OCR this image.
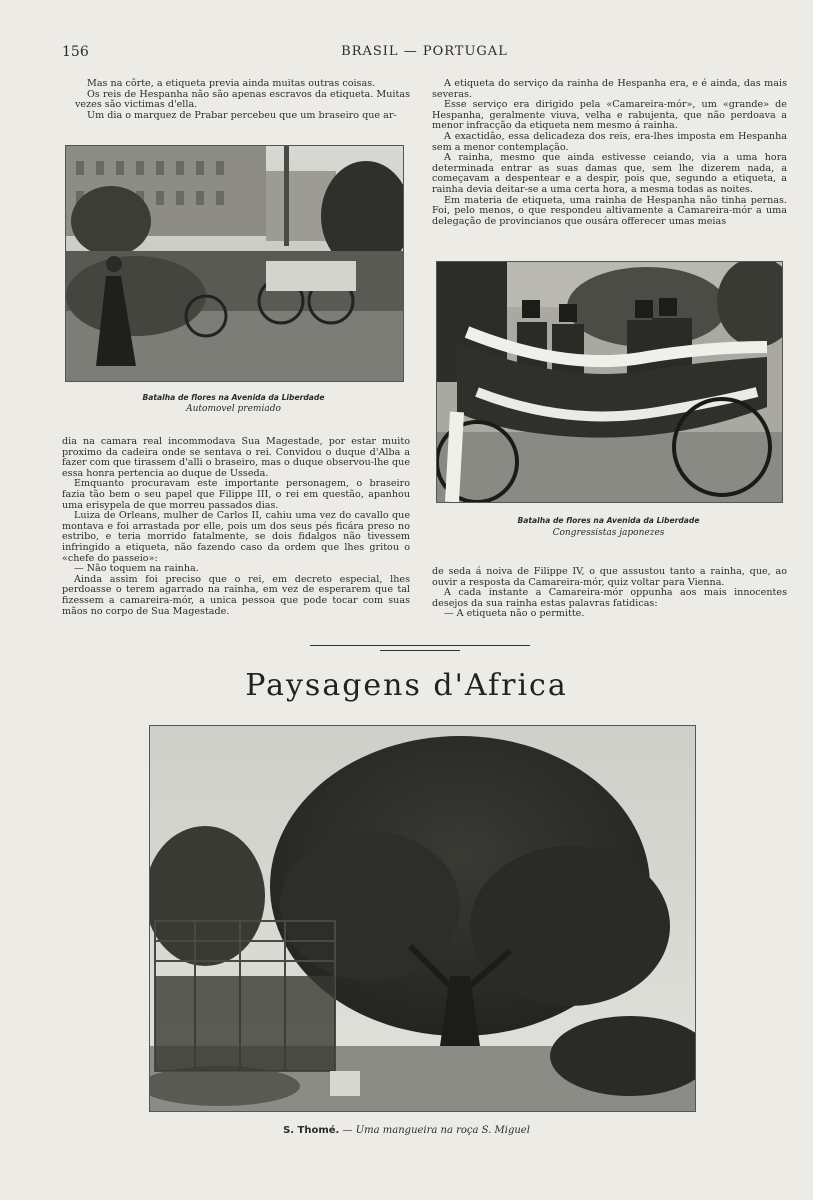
156	BRASIL — PORTUGAL

Mas na côrte, a etiqueta previa ainda muitas outras coisas.

Os reis de Hespanha não são apenas escravos da etiqueta. Muitas vezes são victimas d'ella.

Um dia o marquez de Prabar percebeu que um braseiro que ar-

Batalha de flores na Avenida da Liberdade
Automovel premiado

dia na camara real incommodava Sua Magestade, por estar muito proximo da cadeira onde se sentava o rei. Convidou o duque d'Alba a fazer com que tirassem d'alli o braseiro, mas o duque observou-lhe que essa honra pertencia ao duque de Usseda.

Emquanto procuravam este importante personagem, o braseiro fazia tão bem o seu papel que Filippe III, o rei em questão, apanhou uma erisypela de que morreu passados dias.

Luiza de Orleans, mulher de Carlos II, cahiu uma vez do cavallo que montava e foi arrastada por elle, pois um dos seus pés ficára preso no estribo, e teria morrido fatalmente, se dois fidalgos não tivessem infringido a etiqueta, não fazendo caso da ordem que lhes gritou o «chefe do passeio»:

— Não toquem na rainha.

Ainda assim foi preciso que o rei, em decreto especial, lhes perdoasse o terem agarrado na rainha, em vez de esperarem que tal fizessem a camareira-mór, a unica pessoa que pode tocar com suas mãos no corpo de Sua Magestade.

A etiqueta do serviço da rainha de Hespanha era, e é ainda, das mais severas.

Esse serviço era dirigido pela «Camareira-mór», um «grande» de Hespanha, geralmente viuva, velha e rabujenta, que não perdoava a menor infracção da etiqueta nem mesmo á rainha.

A exactidão, essa delicadeza dos reis, era-lhes imposta em Hespanha sem a menor contemplação.

A rainha, mesmo que ainda estivesse ceiando, via a uma hora determinada entrar as suas damas que, sem lhe dizerem nada, a começavam a despentear e a despir, pois que, segundo a etiqueta, a rainha devia deitar-se a uma certa hora, a mesma todas as noites.

Em materia de etiqueta, uma rainha de Hespanha não tinha pernas. Foi, pelo menos, o que respondeu altivamente a Camareira-mór a uma delegação de provincianos que ousára offerecer umas meias

Batalha de flores na Avenida da Liberdade
Congressistas japonezes

de seda á noiva de Filippe IV, o que assustou tanto a rainha, que, ao ouvir a resposta da Camareira-mór, quiz voltar para Vienna.

A cada instante a Camareira-mór oppunha aos mais innocentes desejos da sua rainha estas palavras fatidicas:

— A etiqueta não o permitte.

Paysagens d'Africa
S. Thomé. — Uma mangueira na roça S. Miguel
